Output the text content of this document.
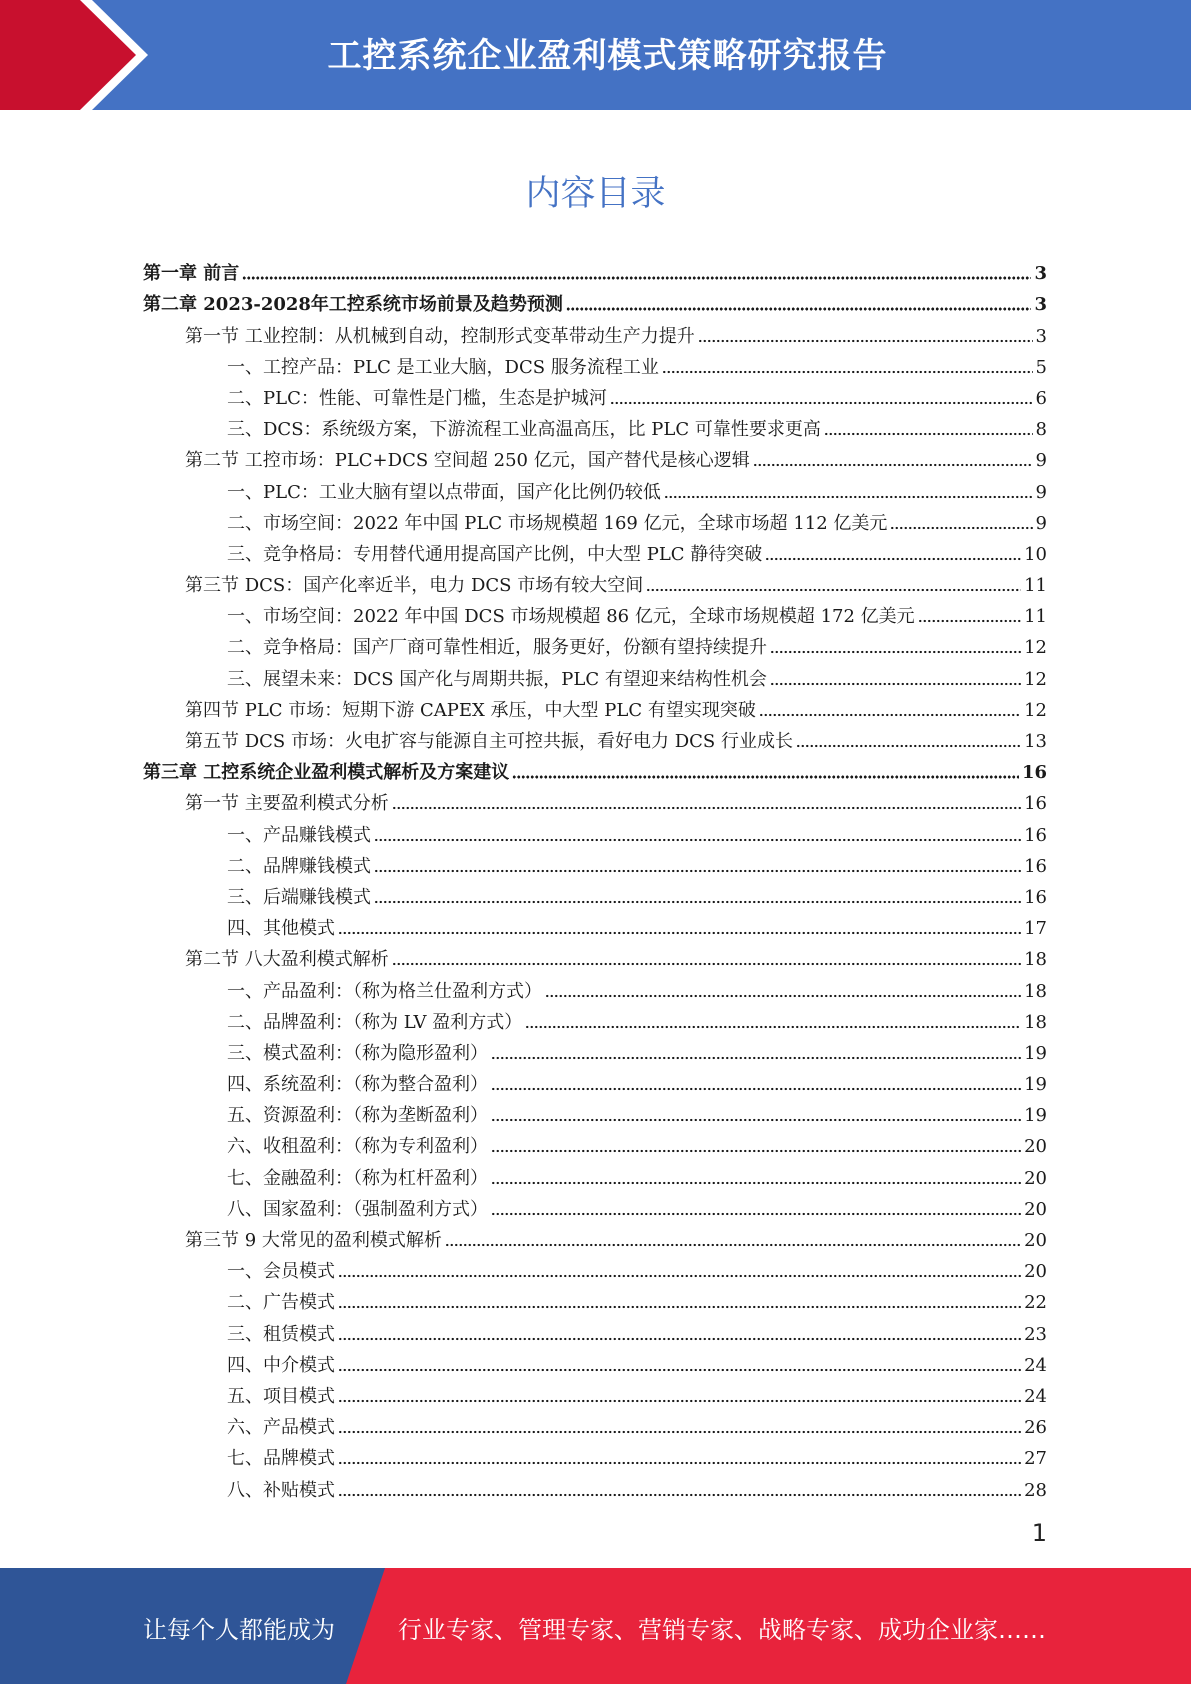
工控系统企业盈利模式策略研究报告
内容目录
第一章 前言	3
第二章 2023-2028年工控系统市场前景及趋势预测	3
第一节 工业控制：从机械到自动，控制形式变革带动生产力提升	3
一、工控产品：PLC 是工业大脑，DCS 服务流程工业	5
二、PLC：性能、可靠性是门槛，生态是护城河	6
三、DCS：系统级方案，下游流程工业高温高压，比 PLC 可靠性要求更高	8
第二节 工控市场：PLC+DCS 空间超 250 亿元，国产替代是核心逻辑	9
一、PLC：工业大脑有望以点带面，国产化比例仍较低	9
二、市场空间：2022 年中国 PLC 市场规模超 169 亿元，全球市场超 112 亿美元	9
三、竞争格局：专用替代通用提高国产比例，中大型 PLC 静待突破	10
第三节 DCS：国产化率近半，电力 DCS 市场有较大空间	11
一、市场空间：2022 年中国 DCS 市场规模超 86 亿元，全球市场规模超 172 亿美元	11
二、竞争格局：国产厂商可靠性相近，服务更好，份额有望持续提升	12
三、展望未来：DCS 国产化与周期共振，PLC 有望迎来结构性机会	12
第四节 PLC 市场：短期下游 CAPEX 承压，中大型 PLC 有望实现突破	12
第五节 DCS 市场：火电扩容与能源自主可控共振，看好电力 DCS 行业成长	13
第三章 工控系统企业盈利模式解析及方案建议	16
第一节 主要盈利模式分析	16
一、产品赚钱模式	16
二、品牌赚钱模式	16
三、后端赚钱模式	16
四、其他模式	17
第二节 八大盈利模式解析	18
一、产品盈利：（称为格兰仕盈利方式）	18
二、品牌盈利：（称为 LV 盈利方式）	18
三、模式盈利：（称为隐形盈利）	19
四、系统盈利：（称为整合盈利）	19
五、资源盈利：（称为垄断盈利）	19
六、收租盈利：（称为专利盈利）	20
七、金融盈利：（称为杠杆盈利）	20
八、国家盈利：（强制盈利方式）	20
第三节 9 大常见的盈利模式解析	20
一、会员模式	20
二、广告模式	22
三、租赁模式	23
四、中介模式	24
五、项目模式	24
六、产品模式	26
七、品牌模式	27
八、补贴模式	28
1
让每个人都能成为	行业专家、管理专家、营销专家、战略专家、成功企业家……
